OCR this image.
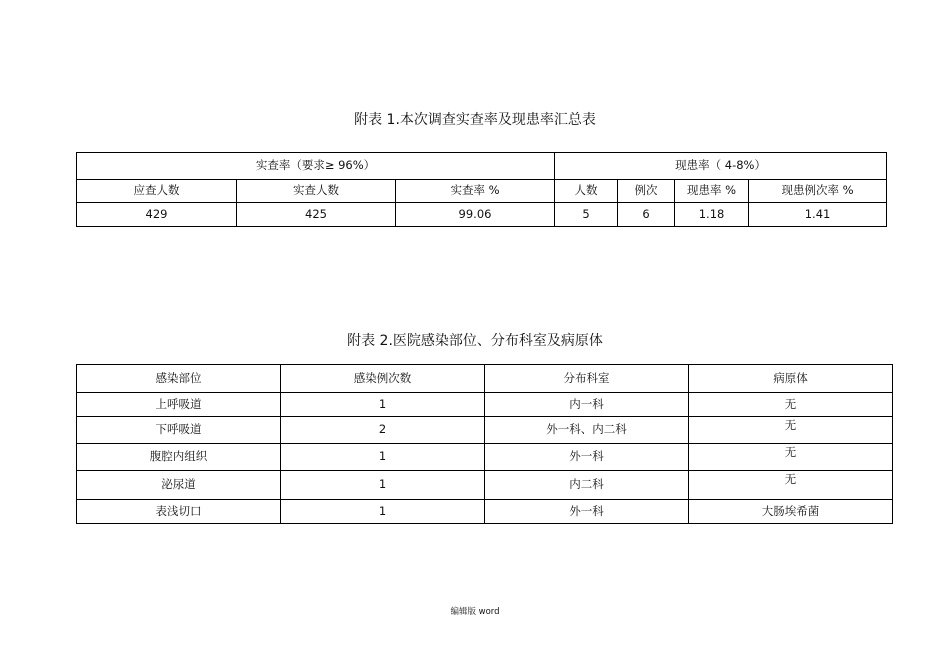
附表 1.本次调查实查率及现患率汇总表
实查率（要求≥ 96%）			现患率（ 4-8%）			
应查人数	实查人数	实查率 %	人数	例次	现患率 %	现患例次率 %
429	425	99.06	5	6	1.18	1.41
附表 2.医院感染部位、分布科室及病原体
感染部位	感染例次数	分布科室	病原体
上呼吸道	1	内一科	无
下呼吸道	2	外一科、内二科	无
腹腔内组织	1	外一科	无
泌尿道	1	内二科	无
表浅切口	1	外一科	大肠埃希菌
编辑版 word
